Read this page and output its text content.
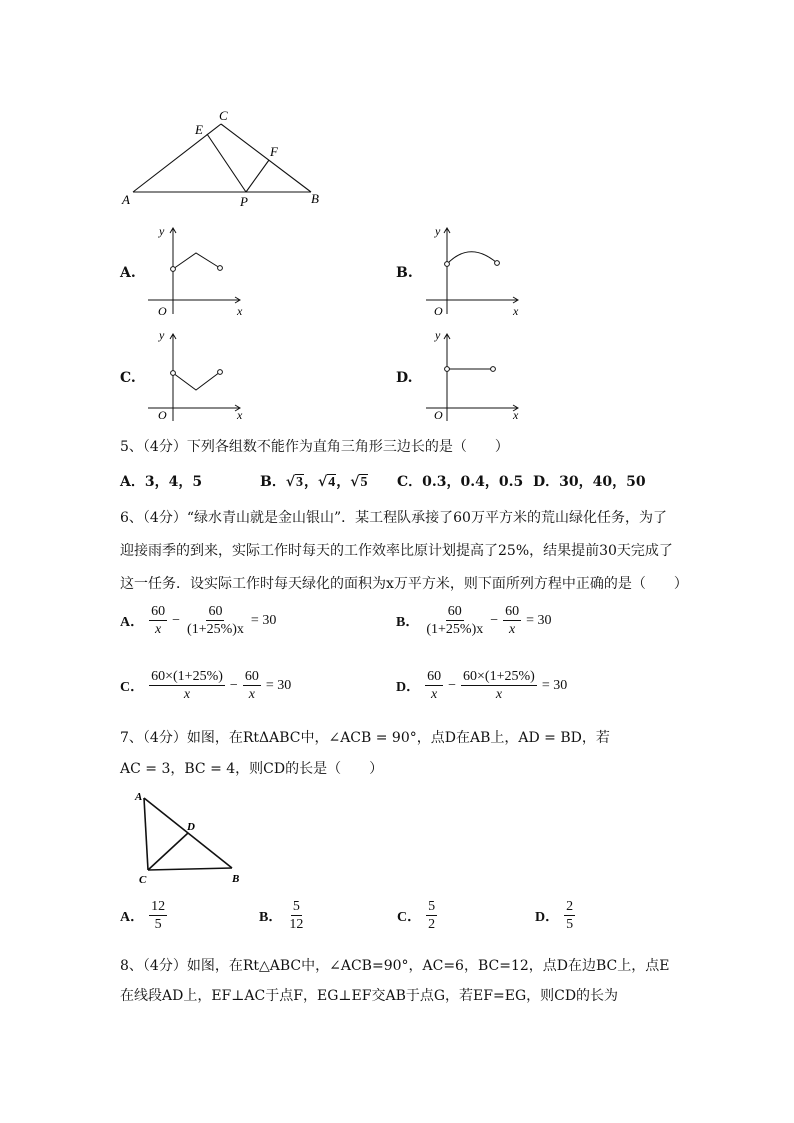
A
C
E
F
P	B
A.
y
x
O
B.
y
x
O
C.
y
x
O
D.
y
x
O
5、（4分）下列各组数不能作为直角三角形三边长的是（　　）
A．3，4，5	B．√3，√4，√5 C．0.3，0.4，0.5 D．30，40，50
6、（4分）“绿水青山就是金山银山”．某工程队承接了60万平方米的荒山绿化任务，为了
迎接雨季的到来，实际工作时每天的工作效率比原计划提高了25%，结果提前30天完成了
这一任务．设实际工作时每天绿化的面积为x万平方米，则下面所列方程中正确的是（　　）
A． $\frac{60}{x} - \frac{60}{(1+25\%)x} = 30$	B． $\frac{60}{(1+25\%)x} - \frac{60}{x} = 30$
C． $\frac{60\times(1+25\%)}{x} - \frac{60}{x} = 30$	D． $\frac{60}{x} - \frac{60\times(1+25\%)}{x} = 30$
7、（4分）如图，在RtΔABC中，∠ACB = 90°，点D在AB上，AD = BD，若
AC = 3，BC = 4，则CD的长是（　　）
A
D
C	B
A． $\frac{12}{5}$	B． $\frac{5}{12}$	C． $\frac{5}{2}$	D． $\frac{2}{5}$
8、（4分）如图，在Rt△ABC中，∠ACB=90°，AC=6，BC=12，点D在边BC上，点E
在线段AD上，EF⊥AC于点F，EG⊥EF交AB于点G，若EF=EG，则CD的长为
